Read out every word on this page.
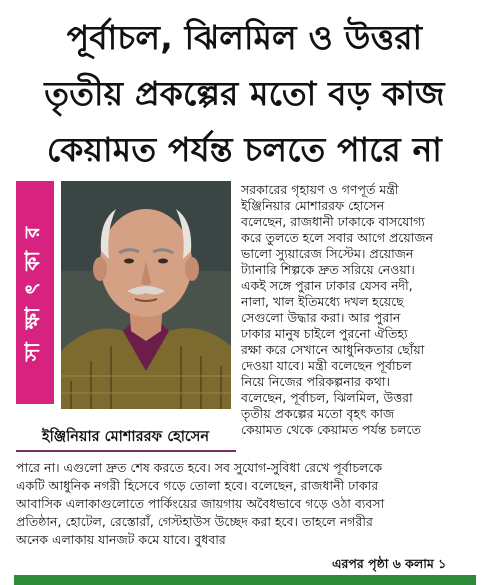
পূর্বাচল, ঝিলমিল ও উত্তরা
তৃতীয় প্রকল্পের মতো বড় কাজ
কেয়ামত পর্যন্ত চলতে পারে না
সা ক্ষা ৎ কা র
ইঞ্জিনিয়ার মোশাররফ হোসেন
সরকারের গৃহায়ণ ও গণপূর্ত মন্ত্রী
ইঞ্জিনিয়ার মোশাররফ হোসেন
বলেছেন, রাজধানী ঢাকাকে বাসযোগ্য
করে তুলতে হলে সবার আগে প্রয়োজন
ভালো স্যুয়ারেজ সিস্টেম। প্রয়োজন
ট্যানারি শিল্পকে দ্রুত সরিয়ে নেওয়া।
একই সঙ্গে পুরান ঢাকার যেসব নদী,
নালা, খাল ইতিমধ্যে দখল হয়েছে
সেগুলো উদ্ধার করা। আর পুরান
ঢাকার মানুষ চাইলে পুরনো ঐতিহ্য
রক্ষা করে সেখানে আধুনিকতার ছোঁয়া
দেওয়া যাবে। মন্ত্রী বলেছেন পূর্বাচল
নিয়ে নিজের পরিকল্পনার কথা।
বলেছেন, পূর্বাচল, ঝিলমিল, উত্তরা
তৃতীয় প্রকল্পের মতো বৃহৎ কাজ
কেয়ামত থেকে কেয়ামত পর্যন্ত চলতে
পারে না। এগুলো দ্রুত শেষ করতে হবে। সব সুযোগ-সুবিধা রেখে পূর্বাচলকে
একটি আধুনিক নগরী হিসেবে গড়ে তোলা হবে। বলেছেন, রাজধানী ঢাকার
আবাসিক এলাকাগুলোতে পার্কিংয়ের জায়গায় অবৈধভাবে গড়ে ওঠা ব্যবসা
প্রতিষ্ঠান, হোটেল, রেস্তোরাঁ, গেস্টহাউস উচ্ছেদ করা হবে। তাহলে নগরীর
অনেক এলাকায় যানজট কমে যাবে। বুধবার
এরপর পৃষ্ঠা ৬ কলাম ১
